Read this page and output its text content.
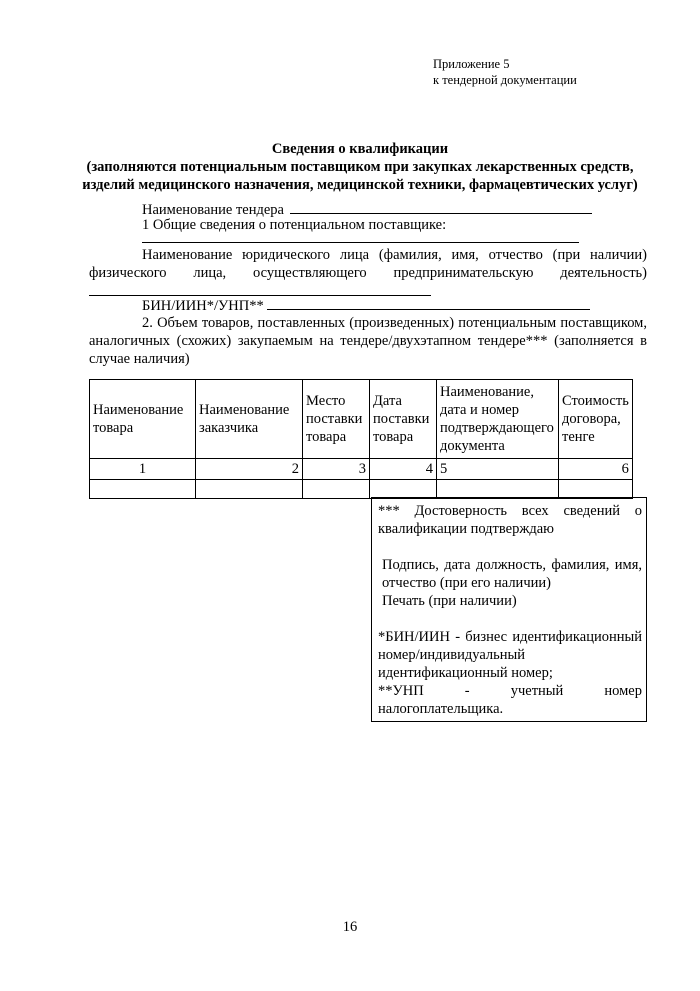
Приложение 5
к тендерной документации
Сведения о квалификации
(заполняются потенциальным поставщиком при закупках лекарственных средств,
изделий медицинского назначения, медицинской техники, фармацевтических услуг)
Наименование тендера
1 Общие сведения о потенциальном поставщике:
Наименование юридического лица (фамилия, имя, отчество (при наличии) физического лица, осуществляющего предпринимательскую деятельность)
БИН/ИИН*/УНП**
2. Объем товаров, поставленных (произведенных) потенциальным поставщиком, аналогичных (схожих) закупаемым на тендере/двухэтапном тендере*** (заполняется в случае наличия)
Наименование товара	Наименование заказчика	Место поставки товара	Дата поставки товара	Наименование, дата и номер подтверждающего документа	Стоимость договора, тенге
1	2	3	4	5	6

*** Достоверность всех сведений о квалификации подтверждаю

Подпись, дата должность, фамилия, имя, отчество (при его наличии)

Печать (при наличии)

*БИН/ИИН - бизнес идентификационный номер/индивидуальный идентификационный номер;

**УНП - учетный номер налогоплательщика.

16
